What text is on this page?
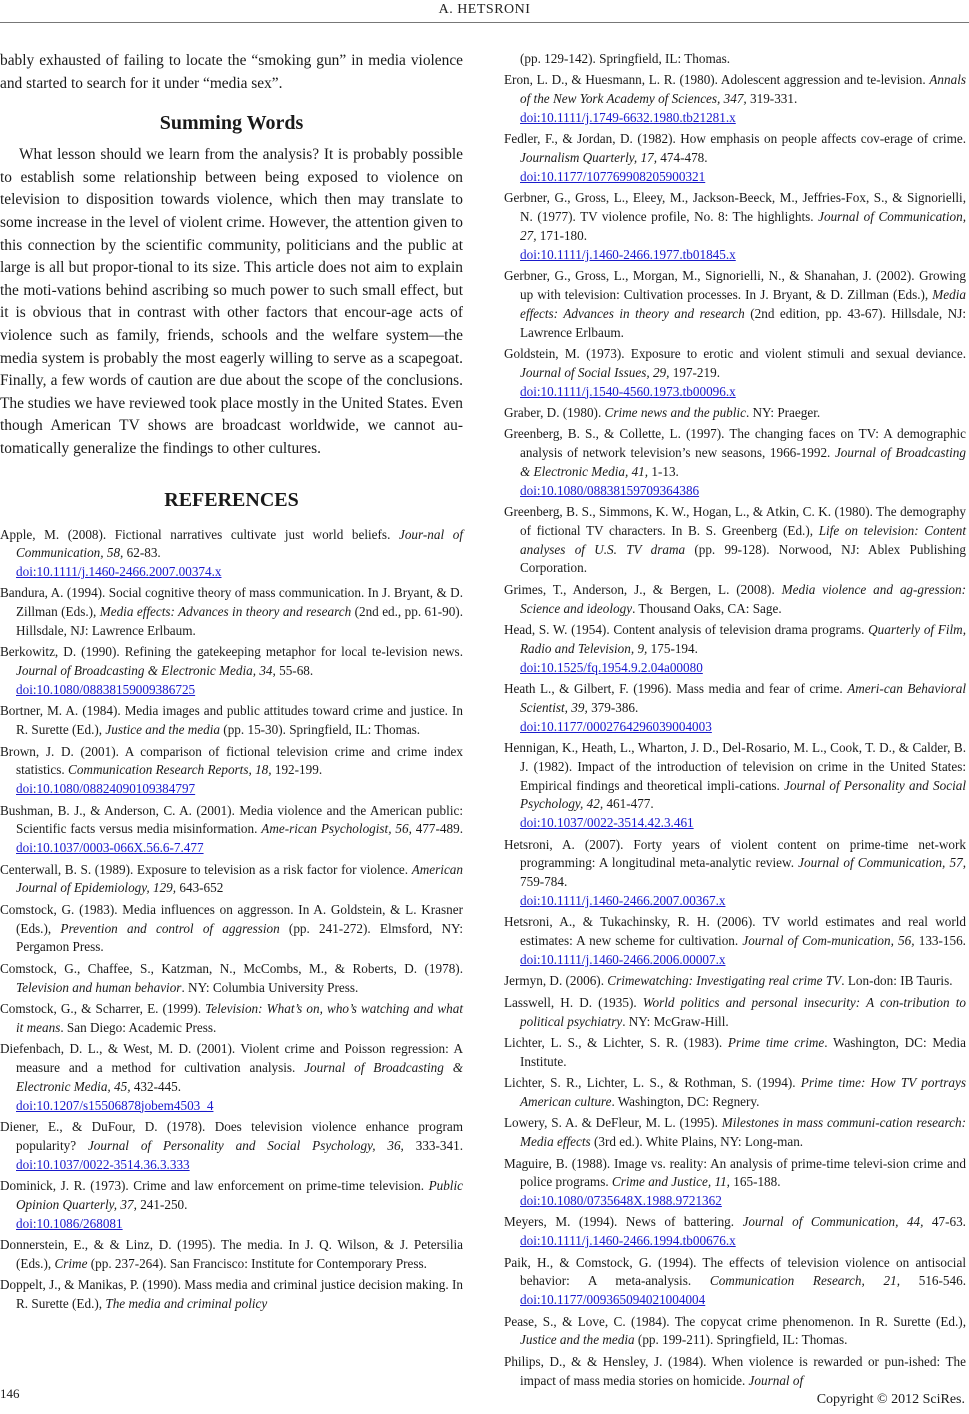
A. HETSRONI

bably exhausted of failing to locate the “smoking gun” in media violence and started to search for it under “media sex”.

Summing Words

What lesson should we learn from the analysis? It is probably possible to establish some relationship between being exposed to violence on television to disposition towards violence, which then may translate to some increase in the level of violent crime. However, the attention given to this connection by the scientific community, politicians and the public at large is all but propor-tional to its size. This article does not aim to explain the moti-vations behind ascribing so much power to such small effect, but it is obvious that in contrast with other factors that encour-age acts of violence such as family, friends, schools and the welfare system—the media system is probably the most eagerly willing to serve as a scapegoat. Finally, a few words of caution are due about the scope of the conclusions. The studies we have reviewed took place mostly in the United States. Even though American TV shows are broadcast worldwide, we cannot au-tomatically generalize the findings to other cultures.

REFERENCES

Apple, M. (2008). Fictional narratives cultivate just world beliefs. Jour-nal of Communication, 58, 62-83.
doi:10.1111/j.1460-2466.2007.00374.x

Bandura, A. (1994). Social cognitive theory of mass communication. In J. Bryant, & D. Zillman (Eds.), Media effects: Advances in theory and research (2nd ed., pp. 61-90). Hillsdale, NJ: Lawrence Erlbaum.

Berkowitz, D. (1990). Refining the gatekeeping metaphor for local te-levision news. Journal of Broadcasting & Electronic Media, 34, 55-68.
doi:10.1080/08838159009386725

Bortner, M. A. (1984). Media images and public attitudes toward crime and justice. In R. Surette (Ed.), Justice and the media (pp. 15-30). Springfield, IL: Thomas.

Brown, J. D. (2001). A comparison of fictional television crime and crime index statistics. Communication Research Reports, 18, 192-199.
doi:10.1080/08824090109384797

Bushman, B. J., & Anderson, C. A. (2001). Media violence and the American public: Scientific facts versus media misinformation. Ame-rican Psychologist, 56, 477-489. doi:10.1037/0003-066X.56.6-7.477

Centerwall, B. S. (1989). Exposure to television as a risk factor for violence. American Journal of Epidemiology, 129, 643-652

Comstock, G. (1983). Media influences on aggresson. In A. Goldstein, & L. Krasner (Eds.), Prevention and control of aggression (pp. 241-272). Elmsford, NY: Pergamon Press.

Comstock, G., Chaffee, S., Katzman, N., McCombs, M., & Roberts, D. (1978). Television and human behavior. NY: Columbia University Press.

Comstock, G., & Scharrer, E. (1999). Television: What’s on, who’s watching and what it means. San Diego: Academic Press.

Diefenbach, D. L., & West, M. D. (2001). Violent crime and Poisson regression: A measure and a method for cultivation analysis. Journal of Broadcasting & Electronic Media, 45, 432-445.
doi:10.1207/s15506878jobem4503_4

Diener, E., & DuFour, D. (1978). Does television violence enhance program popularity? Journal of Personality and Social Psychology, 36, 333-341. doi:10.1037/0022-3514.36.3.333

Dominick, J. R. (1973). Crime and law enforcement on prime-time television. Public Opinion Quarterly, 37, 241-250.
doi:10.1086/268081

Donnerstein, E., & & Linz, D. (1995). The media. In J. Q. Wilson, & J. Petersilia (Eds.), Crime (pp. 237-264). San Francisco: Institute for Contemporary Press.

Doppelt, J., & Manikas, P. (1990). Mass media and criminal justice decision making. In R. Surette (Ed.), The media and criminal policy

(pp. 129-142). Springfield, IL: Thomas.

Eron, L. D., & Huesmann, L. R. (1980). Adolescent aggression and te-levision. Annals of the New York Academy of Sciences, 347, 319-331.
doi:10.1111/j.1749-6632.1980.tb21281.x

Fedler, F., & Jordan, D. (1982). How emphasis on people affects cov-erage of crime. Journalism Quarterly, 17, 474-478.
doi:10.1177/107769908205900321

Gerbner, G., Gross, L., Eleey, M., Jackson-Beeck, M., Jeffries-Fox, S., & Signorielli, N. (1977). TV violence profile, No. 8: The highlights. Journal of Communication, 27, 171-180.
doi:10.1111/j.1460-2466.1977.tb01845.x

Gerbner, G., Gross, L., Morgan, M., Signorielli, N., & Shanahan, J. (2002). Growing up with television: Cultivation processes. In J. Bryant, & D. Zillman (Eds.), Media effects: Advances in theory and research (2nd edition, pp. 43-67). Hillsdale, NJ: Lawrence Erlbaum.

Goldstein, M. (1973). Exposure to erotic and violent stimuli and sexual deviance. Journal of Social Issues, 29, 197-219.
doi:10.1111/j.1540-4560.1973.tb00096.x

Graber, D. (1980). Crime news and the public. NY: Praeger.

Greenberg, B. S., & Collette, L. (1997). The changing faces on TV: A demographic analysis of network television’s new seasons, 1966-1992. Journal of Broadcasting & Electronic Media, 41, 1-13.
doi:10.1080/08838159709364386

Greenberg, B. S., Simmons, K. W., Hogan, L., & Atkin, C. K. (1980). The demography of fictional TV characters. In B. S. Greenberg (Ed.), Life on television: Content analyses of U.S. TV drama (pp. 99-128). Norwood, NJ: Ablex Publishing Corporation.

Grimes, T., Anderson, J., & Bergen, L. (2008). Media violence and ag-gression: Science and ideology. Thousand Oaks, CA: Sage.

Head, S. W. (1954). Content analysis of television drama programs. Quarterly of Film, Radio and Television, 9, 175-194.
doi:10.1525/fq.1954.9.2.04a00080

Heath L., & Gilbert, F. (1996). Mass media and fear of crime. Ameri-can Behavioral Scientist, 39, 379-386.
doi:10.1177/0002764296039004003

Hennigan, K., Heath, L., Wharton, J. D., Del-Rosario, M. L., Cook, T. D., & Calder, B. J. (1982). Impact of the introduction of television on crime in the United States: Empirical findings and theoretical impli-cations. Journal of Personality and Social Psychology, 42, 461-477.
doi:10.1037/0022-3514.42.3.461

Hetsroni, A. (2007). Forty years of violent content on prime-time net-work programming: A longitudinal meta-analytic review. Journal of Communication, 57, 759-784.
doi:10.1111/j.1460-2466.2007.00367.x

Hetsroni, A., & Tukachinsky, R. H. (2006). TV world estimates and real world estimates: A new scheme for cultivation. Journal of Com-munication, 56, 133-156. doi:10.1111/j.1460-2466.2006.00007.x

Jermyn, D. (2006). Crimewatching: Investigating real crime TV. Lon-don: IB Tauris.

Lasswell, H. D. (1935). World politics and personal insecurity: A con-tribution to political psychiatry. NY: McGraw-Hill.

Lichter, L. S., & Lichter, S. R. (1983). Prime time crime. Washington, DC: Media Institute.

Lichter, S. R., Lichter, L. S., & Rothman, S. (1994). Prime time: How TV portrays American culture. Washington, DC: Regnery.

Lowery, S. A. & DeFleur, M. L. (1995). Milestones in mass communi-cation research: Media effects (3rd ed.). White Plains, NY: Long-man.

Maguire, B. (1988). Image vs. reality: An analysis of prime-time televi-sion crime and police programs. Crime and Justice, 11, 165-188.
doi:10.1080/0735648X.1988.9721362

Meyers, M. (1994). News of battering. Journal of Communication, 44, 47-63. doi:10.1111/j.1460-2466.1994.tb00676.x

Paik, H., & Comstock, G. (1994). The effects of television violence on antisocial behavior: A meta-analysis. Communication Research, 21, 516-546. doi:10.1177/009365094021004004

Pease, S., & Love, C. (1984). The copycat crime phenomenon. In R. Surette (Ed.), Justice and the media (pp. 199-211). Springfield, IL: Thomas.

Philips, D., & & Hensley, J. (1984). When violence is rewarded or pun-ished: The impact of mass media stories on homicide. Journal of

146	Copyright © 2012 SciRes.
